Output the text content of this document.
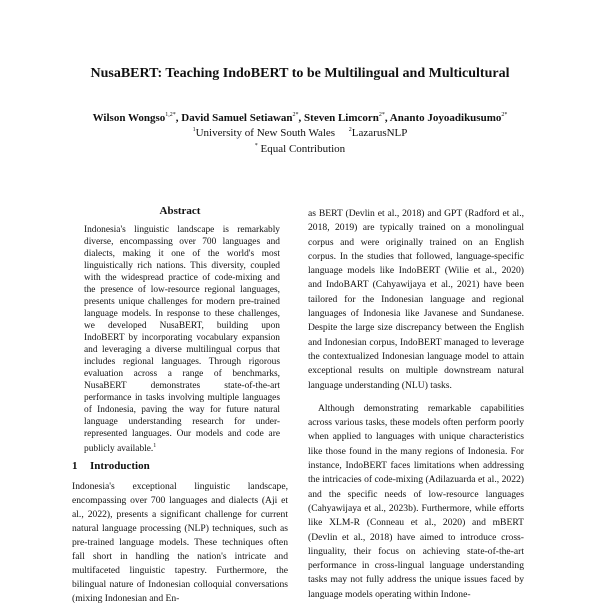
NusaBERT: Teaching IndoBERT to be Multilingual and Multicultural
Wilson Wongso$^{1,2*}$, David Samuel Setiawan$^{2*}$, Steven Limcorn$^{2*}$, Ananto Joyoadikusumo$^{2*}$
$^1$University of New South Wales $^2$LazarusNLP
* Equal Contribution
Abstract

Indonesia's linguistic landscape is remarkably diverse, encompassing over 700 languages and dialects, making it one of the world's most linguistically rich nations. This diversity, coupled with the widespread practice of code-mixing and the presence of low-resource regional languages, presents unique challenges for modern pre-trained language models. In response to these challenges, we developed NusaBERT, building upon IndoBERT by incorporating vocabulary expansion and leveraging a diverse multilingual corpus that includes regional languages. Through rigorous evaluation across a range of benchmarks, NusaBERT demonstrates state-of-the-art performance in tasks involving multiple languages of Indonesia, paving the way for future natural language understanding research for under-represented languages. Our models and code are publicly available.$^1$

1 Introduction

Indonesia's exceptional linguistic landscape, encompassing over 700 languages and dialects (Aji et al., 2022), presents a significant challenge for current natural language processing (NLP) techniques, such as pre-trained language models. These techniques often fall short in handling the nation's intricate and multifaceted linguistic tapestry. Furthermore, the bilingual nature of Indonesian colloquial conversations (mixing Indonesian and En-

as BERT (Devlin et al., 2018) and GPT (Radford et al., 2018, 2019) are typically trained on a monolingual corpus and were originally trained on an English corpus. In the studies that followed, language-specific language models like IndoBERT (Wilie et al., 2020) and IndoBART (Cahyawijaya et al., 2021) have been tailored for the Indonesian language and regional languages of Indonesia like Javanese and Sundanese. Despite the large size discrepancy between the English and Indonesian corpus, IndoBERT managed to leverage the contextualized Indonesian language model to attain exceptional results on multiple downstream natural language understanding (NLU) tasks.

Although demonstrating remarkable capabilities across various tasks, these models often perform poorly when applied to languages with unique characteristics like those found in the many regions of Indonesia. For instance, IndoBERT faces limitations when addressing the intricacies of code-mixing (Adilazuarda et al., 2022) and the specific needs of low-resource languages (Cahyawijaya et al., 2023b). Furthermore, while efforts like XLM-R (Conneau et al., 2020) and mBERT (Devlin et al., 2018) have aimed to introduce cross-linguality, their focus on achieving state-of-the-art performance in cross-lingual language understanding tasks may not fully address the unique issues faced by language models operating within Indone-
